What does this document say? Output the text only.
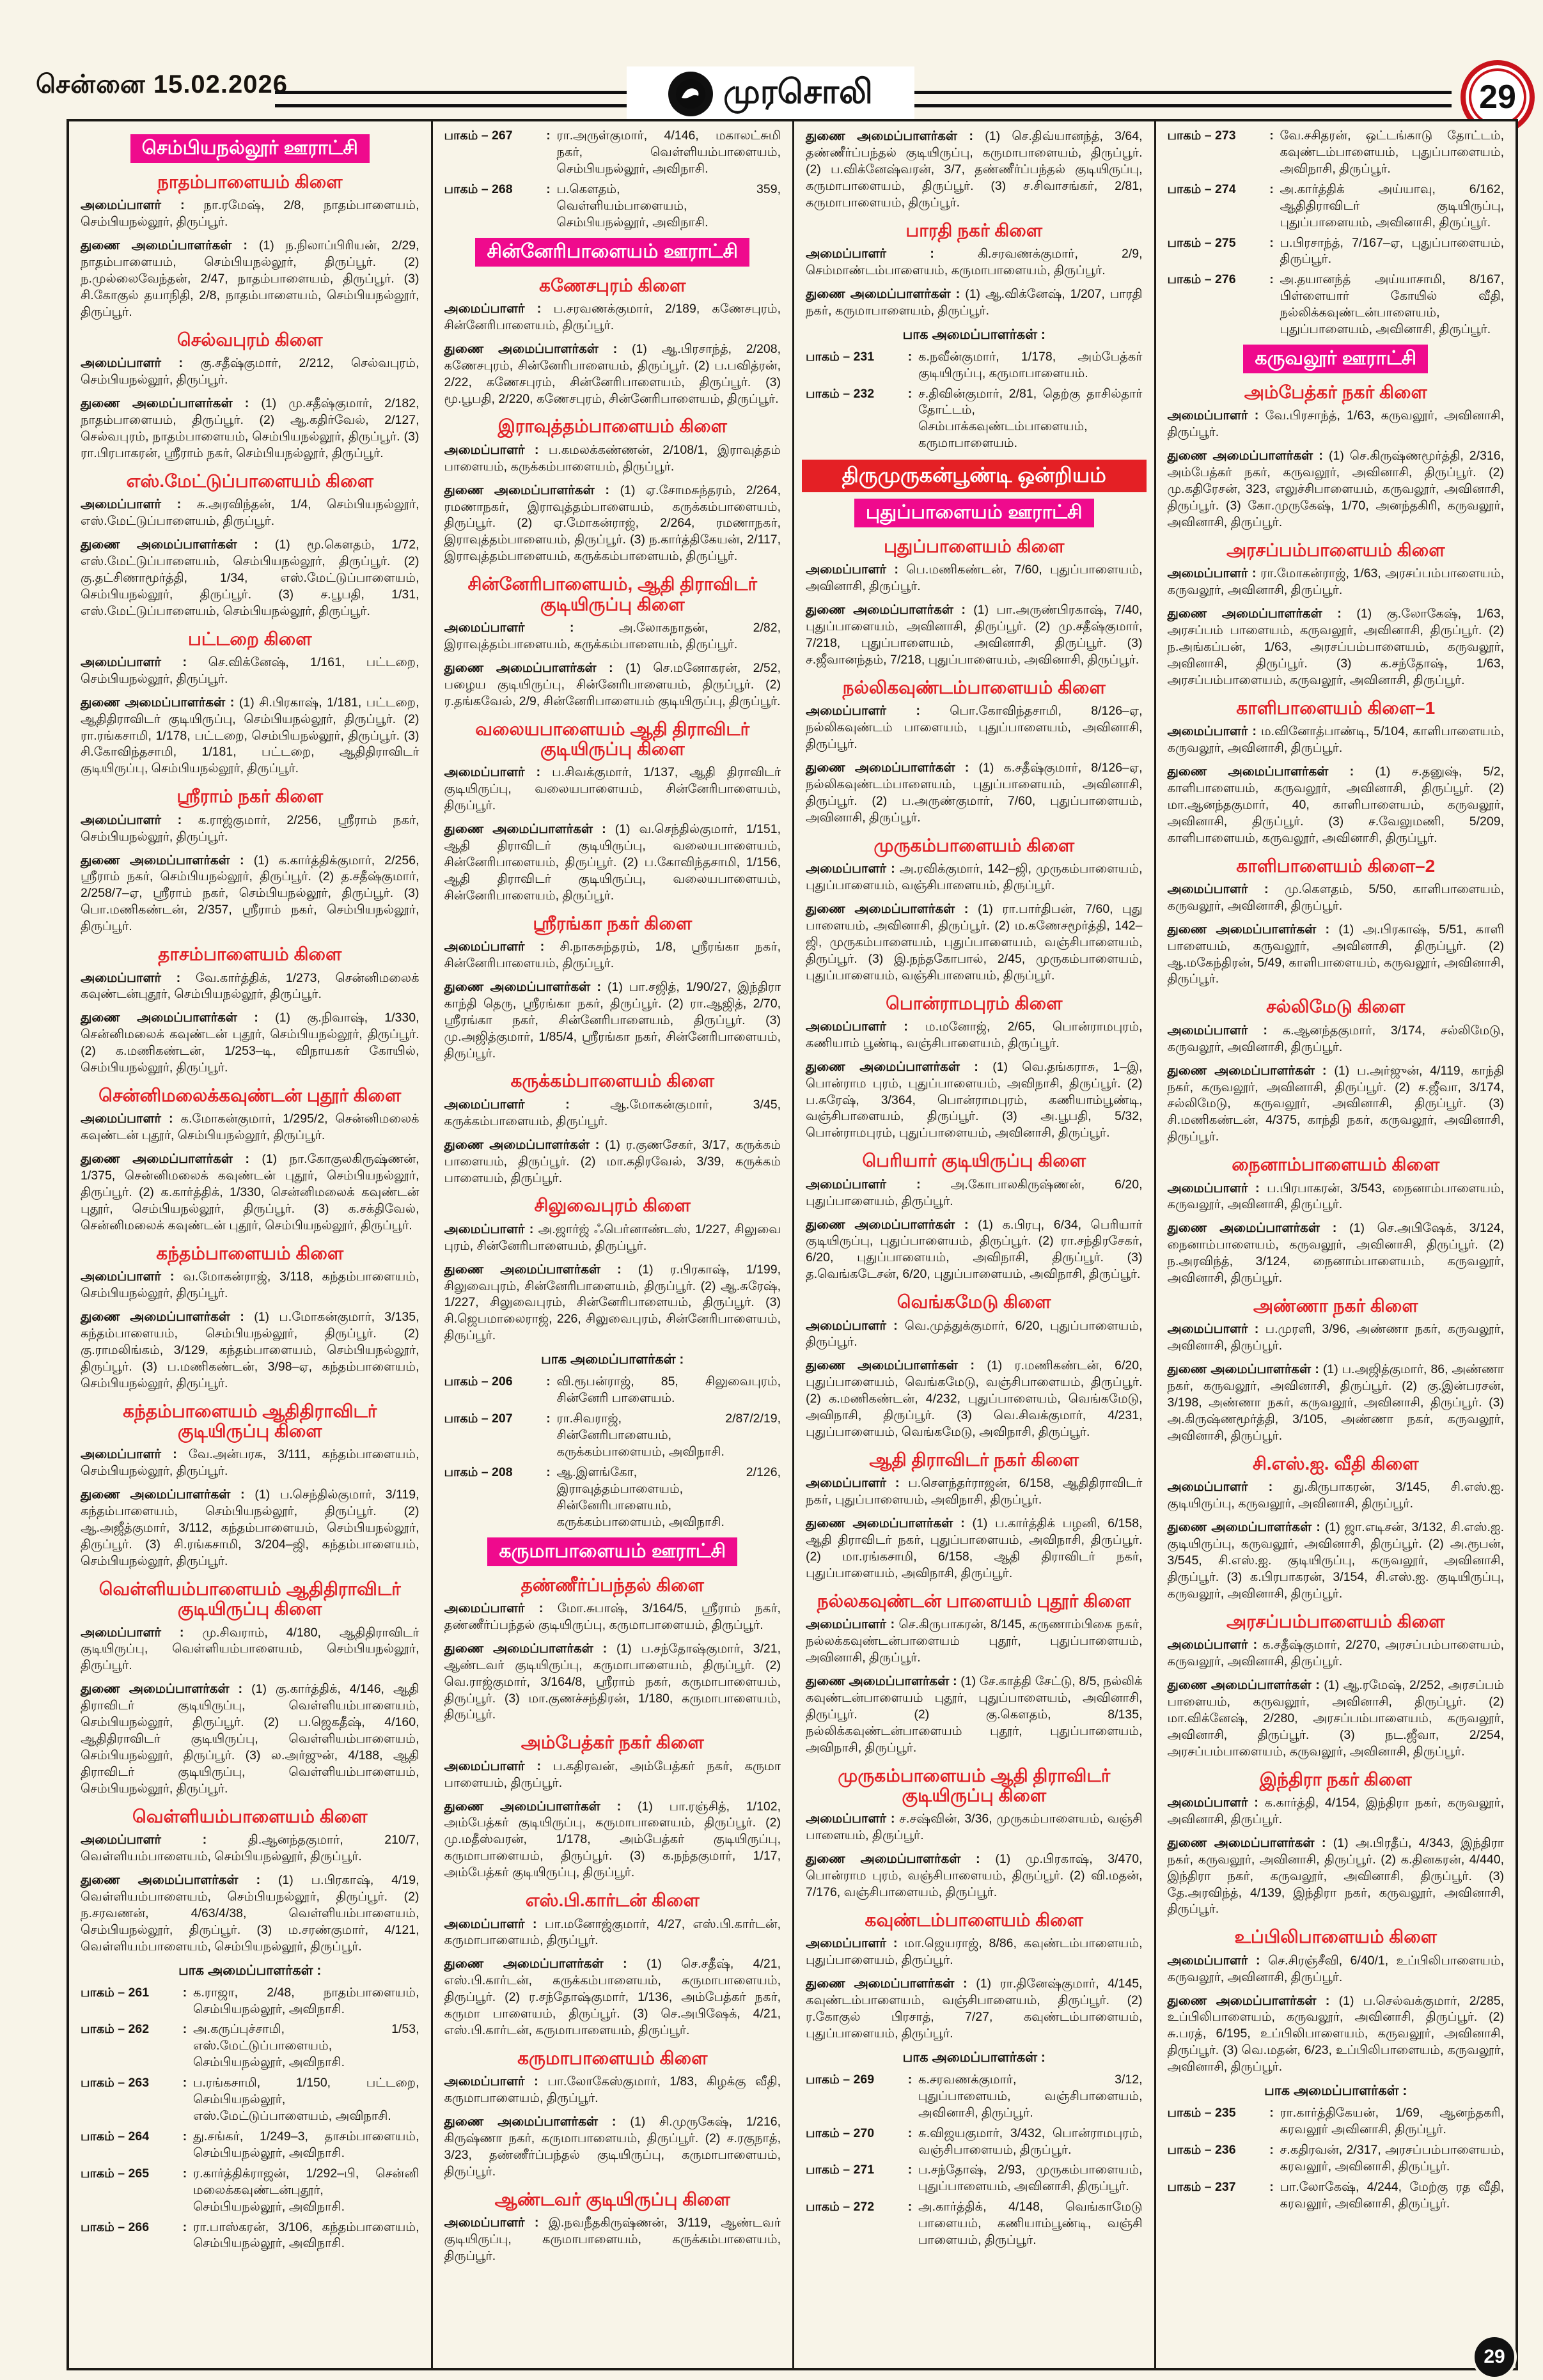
சென்னை 15.02.2026	முரசொலி	29
செம்பியநல்லூர் ஊராட்சி
நாதம்பாளையம் கிளை

அமைப்பாளர் : நா.ரமேஷ், 2/8, நாதம்பாளையம், செம்பியநல்லூர், திருப்பூர்.

துணை அமைப்பாளர்கள் : (1) ந.நிலாப்பிரியன், 2/29, நாதம்பாளையம், செம்பியநல்லூர், திருப்பூர். (2) ந.முல்லைவேந்தன், 2/47, நாதம்பாளையம், திருப்பூர். (3) சி.கோகுல் தயாநிதி, 2/8, நாதம்பாளையம், செம்பியநல்லூர், திருப்பூர்.

செல்வபுரம் கிளை

அமைப்பாளர் : கு.சதீஷ்குமார், 2/212, செல்வபுரம், செம்பியநல்லூர், திருப்பூர்.

துணை அமைப்பாளர்கள் : (1) மு.சதீஷ்குமார், 2/182, நாதம்பாளையம், திருப்பூர். (2) ஆ.கதிர்வேல், 2/127, செல்வபுரம், நாதம்பாளையம், செம்பியநல்லூர், திருப்பூர். (3) ரா.பிரபாகரன், ஸ்ரீராம் நகர், செம்பியநல்லூர், திருப்பூர்.

எஸ்.மேட்டுப்பாளையம் கிளை

அமைப்பாளர் : சு.அரவிந்தன், 1/4, செம்பியநல்லூர், எஸ்.மேட்டுப்பாளையம், திருப்பூர்.

துணை அமைப்பாளர்கள் : (1) மூ.கௌதம், 1/72, எஸ்.மேட்டுப்பாளையம், செம்பியநல்லூர், திருப்பூர். (2) கு.தட்சிணாமூர்த்தி, 1/34, எஸ்.மேட்டுப்பாளையம், செம்பியநல்லூர், திருப்பூர். (3) ச.பூபதி, 1/31, எஸ்.மேட்டுப்பாளையம், செம்பியநல்லூர், திருப்பூர்.

பட்டறை கிளை

அமைப்பாளர் : செ.விக்னேஷ், 1/161, பட்டறை, செம்பியநல்லூர், திருப்பூர்.

துணை அமைப்பாளர்கள் : (1) சி.பிரகாஷ், 1/181, பட்டறை, ஆதிதிராவிடர் குடியிருப்பு, செம்பியநல்லூர், திருப்பூர். (2) ரா.ரங்கசாமி, 1/178, பட்டறை, செம்பியநல்லூர், திருப்பூர். (3) சி.கோவிந்தசாமி, 1/181, பட்டறை, ஆதிதிராவிடர் குடியிருப்பு, செம்பியநல்லூர், திருப்பூர்.

ஸ்ரீராம் நகர் கிளை

அமைப்பாளர் : க.ராஜ்குமார், 2/256, ஸ்ரீராம் நகர், செம்பியநல்லூர், திருப்பூர்.

துணை அமைப்பாளர்கள் : (1) க.கார்த்திக்குமார், 2/256, ஸ்ரீராம் நகர், செம்பியநல்லூர், திருப்பூர். (2) த.சதீஷ்குமார், 2/258/7–ஏ, ஸ்ரீராம் நகர், செம்பியநல்லூர், திருப்பூர். (3) பொ.மணிகண்டன், 2/357, ஸ்ரீராம் நகர், செம்பியநல்லூர், திருப்பூர்.

தாசம்பாளையம் கிளை

அமைப்பாளர் : வே.கார்த்திக், 1/273, சென்னிமலைக் கவுண்டன்புதூர், செம்பியநல்லூர், திருப்பூர்.

துணை அமைப்பாளர்கள் : (1) கு.நிவாஷ், 1/330, சென்னிமலைக் கவுண்டன் புதூர், செம்பியநல்லூர், திருப்பூர். (2) க.மணிகண்டன், 1/253–டி, விநாயகர் கோயில், செம்பியநல்லூர், திருப்பூர்.

சென்னிமலைக்கவுண்டன் புதூர் கிளை

அமைப்பாளர் : க.மோகன்குமார், 1/295/2, சென்னிமலைக் கவுண்டன் புதூர், செம்பியநல்லூர், திருப்பூர்.

துணை அமைப்பாளர்கள் : (1) நா.கோகுலகிருஷ்ணன், 1/375, சென்னிமலைக் கவுண்டன் புதூர், செம்பியநல்லூர், திருப்பூர். (2) க.கார்த்திக், 1/330, சென்னிமலைக் கவுண்டன் புதூர், செம்பியநல்லூர், திருப்பூர். (3) க.சக்திவேல், சென்னிமலைக் கவுண்டன் புதூர், செம்பியநல்லூர், திருப்பூர்.

கந்தம்பாளையம் கிளை

அமைப்பாளர் : வ.மோகன்ராஜ், 3/118, கந்தம்பாளையம், செம்பியநல்லூர், திருப்பூர்.

துணை அமைப்பாளர்கள் : (1) ப.மோகன்குமார், 3/135, கந்தம்பாளையம், செம்பியநல்லூர், திருப்பூர். (2) கு.ராமலிங்கம், 3/129, கந்தம்பாளையம், செம்பியநல்லூர், திருப்பூர். (3) ப.மணிகண்டன், 3/98–ஏ, கந்தம்பாளையம், செம்பியநல்லூர், திருப்பூர்.

கந்தம்பாளையம் ஆதிதிராவிடர் குடியிருப்பு கிளை

அமைப்பாளர் : வே.அன்பரசு, 3/111, கந்தம்பாளையம், செம்பியநல்லூர், திருப்பூர்.

துணை அமைப்பாளர்கள் : (1) ப.செந்தில்குமார், 3/119, கந்தம்பாளையம், செம்பியநல்லூர், திருப்பூர். (2) ஆ.அஜீத்குமார், 3/112, கந்தம்பாளையம், செம்பியநல்லூர், திருப்பூர். (3) சி.ரங்கசாமி, 3/204–ஜி, கந்தம்பாளையம், செம்பியநல்லூர், திருப்பூர்.

வெள்ளியம்பாளையம் ஆதிதிராவிடர் குடியிருப்பு கிளை

அமைப்பாளர் : மு.சிவராம், 4/180, ஆதிதிராவிடர் குடியிருப்பு, வெள்ளியம்பாளையம், செம்பியநல்லூர், திருப்பூர்.

துணை அமைப்பாளர்கள் : (1) கு.கார்த்திக், 4/146, ஆதி திராவிடர் குடியிருப்பு, வெள்ளியம்பாளையம், செம்பியநல்லூர், திருப்பூர். (2) ப.ஜெகதீஷ், 4/160, ஆதிதிராவிடர் குடியிருப்பு, வெள்ளியம்பாளையம், செம்பியநல்லூர், திருப்பூர். (3) ல.அர்ஜுன், 4/188, ஆதி திராவிடர் குடியிருப்பு, வெள்ளியம்பாளையம், செம்பியநல்லூர், திருப்பூர்.

வெள்ளியம்பாளையம் கிளை

அமைப்பாளர் :	தி.ஆனந்தகுமார், 210/7, வெள்ளியம்பாளையம், செம்பியநல்லூர், திருப்பூர்.

துணை அமைப்பாளர்கள் : (1) ப.பிரகாஷ், 4/19, வெள்ளியம்பாளையம், செம்பியநல்லூர், திருப்பூர். (2) ந.சரவணன், 4/63/4/38, வெள்ளியம்பாளையம், செம்பியநல்லூர், திருப்பூர். (3) ம.சரண்குமார், 4/121, வெள்ளியம்பாளையம், செம்பியநல்லூர், திருப்பூர்.

பாக அமைப்பாளர்கள் :

பாகம் – 261	: க.ராஜா, 2/48, நாதம்பாளையம், செம்பியநல்லூர், அவிநாசி.
பாகம் – 262	: அ.கருப்புச்சாமி, 1/53, எஸ்.மேட்டுப்பாளையம், செம்பியநல்லூர், அவிநாசி.
பாகம் – 263	: ப.ரங்கசாமி, 1/150, பட்டறை, செம்பியநல்லூர், எஸ்.மேட்டுப்பாளையம், அவிநாசி.
பாகம் – 264	: து.சங்கர், 1/249–3, தாசம்பாளையம், செம்பியநல்லூர், அவிநாசி.
பாகம் – 265	: ர.கார்த்திக்ராஜன், 1/292–பி, சென்னி மலைக்கவுண்டன்புதூர், செம்பியநல்லூர், அவிநாசி.
பாகம் – 266	: ரா.பாஸ்கரன், 3/106, கந்தம்பாளையம், செம்பியநல்லூர், அவிநாசி.
பாகம் – 267	: ரா.அருள்குமார், 4/146, மகாலட்சுமி நகர், வெள்ளியம்பாளையம், செம்பியநல்லூர், அவிநாசி.
பாகம் – 268	: ப.கௌதம், 359, வெள்ளியம்பாளையம், செம்பியநல்லூர், அவிநாசி.
சின்னேரிபாளையம் ஊராட்சி
கணேசபுரம் கிளை

அமைப்பாளர் : ப.சரவணக்குமார், 2/189, கணேசபுரம், சின்னேரிபாளையம், திருப்பூர்.

துணை அமைப்பாளர்கள் : (1) ஆ.பிரசாந்த், 2/208, கணேசபுரம், சின்னேரிபாளையம், திருப்பூர். (2) ப.பவித்ரன், 2/22, கணேசபுரம், சின்னேரிபாளையம், திருப்பூர். (3) மூ.பூபதி, 2/220, கணேசபுரம், சின்னேரிபாளையம், திருப்பூர்.

இராவுத்தம்பாளையம் கிளை

அமைப்பாளர் : ப.கமலக்கண்ணன், 2/108/1, இராவுத்தம் பாளையம், கருக்கம்பாளையம், திருப்பூர்.

துணை அமைப்பாளர்கள் : (1) ஏ.சோமசுந்தரம், 2/264, ரமணாநகர், இராவுத்தம்பாளையம், கருக்கம்பாளையம், திருப்பூர். (2) ஏ.மோகன்ராஜ், 2/264, ரமணாநகர், இராவுத்தம்பாளையம், திருப்பூர். (3) ந.கார்த்திகேயன், 2/117, இராவுத்தம்பாளையம், கருக்கம்பாளையம், திருப்பூர்.

சின்னேரிபாளையம், ஆதி திராவிடர் குடியிருப்பு கிளை

அமைப்பாளர் :	அ.லோகநாதன், 2/82, இராவுத்தம்பாளையம், கருக்கம்பாளையம், திருப்பூர்.

துணை அமைப்பாளர்கள் : (1) செ.மனோகரன், 2/52, பழைய குடியிருப்பு, சின்னேரிபாளையம், திருப்பூர். (2) ர.தங்கவேல், 2/9, சின்னேரிபாளையம் குடியிருப்பு, திருப்பூர்.

வலையபாளையம் ஆதி திராவிடர் குடியிருப்பு கிளை

அமைப்பாளர் : ப.சிவக்குமார், 1/137, ஆதி திராவிடர் குடியிருப்பு, வலையபாளையம், சின்னேரிபாளையம், திருப்பூர்.

துணை அமைப்பாளர்கள் : (1) வ.செந்தில்குமார், 1/151, ஆதி திராவிடர் குடியிருப்பு, வலையபாளையம், சின்னேரிபாளையம், திருப்பூர். (2) ப.கோவிந்தசாமி, 1/156, ஆதி திராவிடர் குடியிருப்பு, வலையபாளையம், சின்னேரிபாளையம், திருப்பூர்.

ஸ்ரீரங்கா நகர் கிளை

அமைப்பாளர் : சி.நாகசுந்தரம், 1/8, ஸ்ரீரங்கா நகர், சின்னேரிபாளையம், திருப்பூர்.

துணை அமைப்பாளர்கள் : (1) பா.சஜித், 1/90/27, இந்திரா காந்தி தெரு, ஸ்ரீரங்கா நகர், திருப்பூர். (2) ரா.ஆஜித், 2/70, ஸ்ரீரங்கா நகர், சின்னேரிபாளையம், திருப்பூர். (3) மு.அஜித்குமார், 1/85/4, ஸ்ரீரங்கா நகர், சின்னேரிபாளையம், திருப்பூர்.

கருக்கம்பாளையம் கிளை

அமைப்பாளர் :	ஆ.மோகன்குமார், 3/45, கருக்கம்பாளையம், திருப்பூர்.

துணை அமைப்பாளர்கள் : (1) ர.குணசேகர், 3/17, கருக்கம் பாளையம், திருப்பூர். (2) மா.கதிரவேல், 3/39, கருக்கம் பாளையம், திருப்பூர்.

சிலுவைபுரம் கிளை

அமைப்பாளர் : அ.ஜார்ஜ் ஃபெர்னாண்டஸ், 1/227, சிலுவை புரம், சின்னேரிபாளையம், திருப்பூர்.

துணை அமைப்பாளர்கள் : (1) ர.பிரகாஷ், 1/199, சிலுவைபுரம், சின்னேரிபாளையம், திருப்பூர். (2) ஆ.சுரேஷ், 1/227, சிலுவைபுரம், சின்னேரிபாளையம், திருப்பூர். (3) சி.ஜெபமாலைராஜ், 226, சிலுவைபுரம், சின்னேரிபாளையம், திருப்பூர்.

பாக அமைப்பாளர்கள் :

பாகம் – 206	: வி.ரூபன்ராஜ், 85, சிலுவைபுரம், சின்னேரி பாளையம்.
பாகம் – 207	: ரா.சிவராஜ், 2/87/2/19, சின்னேரிபாளையம், கருக்கம்பாளையம், அவிநாசி.
பாகம் – 208	: ஆ.இளங்கோ, 2/126, இராவுத்தம்பாளையம், சின்னேரிபாளையம், கருக்கம்பாளையம், அவிநாசி.
கருமாபாளையம் ஊராட்சி
தண்ணீர்ப்பந்தல் கிளை

அமைப்பாளர் : மோ.சுபாஷ், 3/164/5, ஸ்ரீராம் நகர், தண்ணீர்ப்பந்தல் குடியிருப்பு, கருமாபாளையம், திருப்பூர்.

துணை அமைப்பாளர்கள் : (1) ப.சந்தோஷ்குமார், 3/21, ஆண்டவர் குடியிருப்பு, கருமாபாளையம், திருப்பூர். (2) வெ.ராஜ்குமார், 3/164/8, ஸ்ரீராம் நகர், கருமாபாளையம், திருப்பூர். (3) மா.குணச்சந்திரன், 1/180, கருமாபாளையம், திருப்பூர்.

அம்பேத்கர் நகர் கிளை

அமைப்பாளர் : ப.கதிரவன், அம்பேத்கர் நகர், கருமா பாளையம், திருப்பூர்.

துணை அமைப்பாளர்கள் : (1) பா.ரஞ்சித், 1/102, அம்பேத்கர் குடியிருப்பு, கருமாபாளையம், திருப்பூர். (2) மு.மதீஸ்வரன், 1/178, அம்பேத்கர் குடியிருப்பு, கருமாபாளையம், திருப்பூர். (3) க.நந்தகுமார், 1/17, அம்பேத்கர் குடியிருப்பு, திருப்பூர்.

எஸ்.பி.கார்டன் கிளை

அமைப்பாளர் : பா.மனோஜ்குமார், 4/27, எஸ்.பி.கார்டன், கருமாபாளையம், திருப்பூர்.

துணை அமைப்பாளர்கள் : (1) செ.சதீஷ், 4/21, எஸ்.பி.கார்டன், கருக்கம்பாளையம், கருமாபாளையம், திருப்பூர். (2) ர.சந்தோஷ்குமார், 1/136, அம்பேத்கர் நகர், கருமா பாளையம், திருப்பூர். (3) செ.அபிஷேக், 4/21, எஸ்.பி.கார்டன், கருமாபாளையம், திருப்பூர்.

கருமாபாளையம் கிளை

அமைப்பாளர் : பா.லோகேஸ்குமார், 1/83, கிழக்கு வீதி, கருமாபாளையம், திருப்பூர்.

துணை அமைப்பாளர்கள் : (1) சி.முருகேஷ், 1/216, கிருஷ்ணா நகர், கருமாபாளையம், திருப்பூர். (2) ச.ரகுநாத், 3/23, தண்ணீர்ப்பந்தல் குடியிருப்பு, கருமாபாளையம், திருப்பூர்.

ஆண்டவர் குடியிருப்பு கிளை

அமைப்பாளர் : இ.நவநீதகிருஷ்ணன், 3/119, ஆண்டவர் குடியிருப்பு, கருமாபாளையம், கருக்கம்பாளையம், திருப்பூர்.

துணை அமைப்பாளர்கள் : (1) செ.திவ்யானந்த், 3/64, தண்ணீர்ப்பந்தல் குடியிருப்பு, கருமாபாளையம், திருப்பூர். (2) ப.விக்னேஷ்வரன், 3/7, தண்ணீர்ப்பந்தல் குடியிருப்பு, கருமாபாளையம், திருப்பூர். (3) ச.சிவாசங்கர், 2/81, கருமாபாளையம், திருப்பூர்.

பாரதி நகர் கிளை

அமைப்பாளர் :	கி.சரவணக்குமார், 2/9, செம்மாண்டம்பாளையம், கருமாபாளையம், திருப்பூர்.

துணை அமைப்பாளர்கள் : (1) ஆ.விக்னேஷ், 1/207, பாரதி நகர், கருமாபாளையம், திருப்பூர்.

பாக அமைப்பாளர்கள் :

பாகம் – 231	: க.நவீன்குமார், 1/178, அம்பேத்கர் குடியிருப்பு, கருமாபாளையம்.
பாகம் – 232	: ச.திவின்குமார், 2/81, தெற்கு தாசில்தார் தோட்டம், செம்பாக்கவுண்டம்பாளையம், கருமாபாளையம்.
திருமுருகன்பூண்டி ஒன்றியம்
புதுப்பாளையம் ஊராட்சி
புதுப்பாளையம் கிளை

அமைப்பாளர் : பெ.மணிகண்டன், 7/60, புதுப்பாளையம், அவினாசி, திருப்பூர்.

துணை அமைப்பாளர்கள் : (1) பா.அருண்பிரகாஷ், 7/40, புதுப்பாளையம், அவினாசி, திருப்பூர். (2) மு.சதீஷ்குமார், 7/218, புதுப்பாளையம், அவினாசி, திருப்பூர். (3) ச.ஜீவானந்தம், 7/218, புதுப்பாளையம், அவினாசி, திருப்பூர்.

நல்லிகவுண்டம்பாளையம் கிளை

அமைப்பாளர் : பொ.கோவிந்தசாமி, 8/126–ஏ, நல்லிகவுண்டம் பாளையம், புதுப்பாளையம், அவினாசி, திருப்பூர்.

துணை அமைப்பாளர்கள் : (1) க.சதீஷ்குமார், 8/126–ஏ, நல்லிகவுண்டம்பாளையம், புதுப்பாளையம், அவினாசி, திருப்பூர். (2) ப.அருண்குமார், 7/60, புதுப்பாளையம், அவினாசி, திருப்பூர்.

முருகம்பாளையம் கிளை

அமைப்பாளர் : அ.ரவிக்குமார், 142–ஜி, முருகம்பாளையம், புதுப்பாளையம், வஞ்சிபாளையம், திருப்பூர்.

துணை அமைப்பாளர்கள் : (1) ரா.பார்திபன், 7/60, புது பாளையம், அவினாசி, திருப்பூர். (2) ம.கணேசமூர்த்தி, 142–ஜி, முருகம்பாளையம், புதுப்பாளையம், வஞ்சிபாளையம், திருப்பூர். (3) இ.நந்தகோபால், 2/45, முருகம்பாளையம், புதுப்பாளையம், வஞ்சிபாளையம், திருப்பூர்.

பொன்ராமபுரம் கிளை

அமைப்பாளர் : ம.மனோஜ், 2/65, பொன்ராமபுரம், கணியாம் பூண்டி, வஞ்சிபாளையம், திருப்பூர்.

துணை அமைப்பாளர்கள் : (1) வெ.தங்கராசு, 1–இ, பொன்ராம புரம், புதுப்பாளையம், அவிநாசி, திருப்பூர். (2) ப.சுரேஷ், 3/364, பொன்ராமபுரம், கணியாம்பூண்டி, வஞ்சிபாளையம், திருப்பூர். (3) அ.பூபதி, 5/32, பொன்ராமபுரம், புதுப்பாளையம், அவினாசி, திருப்பூர்.

பெரியார் குடியிருப்பு கிளை

அமைப்பாளர் : அ.கோபாலகிருஷ்ணன், 6/20, புதுப்பாளையம், திருப்பூர்.

துணை அமைப்பாளர்கள் : (1) க.பிரபு, 6/34, பெரியார் குடியிருப்பு, புதுப்பாளையம், திருப்பூர். (2) ரா.சந்திரசேகர், 6/20, புதுப்பாளையம், அவிநாசி, திருப்பூர். (3) த.வெங்கடேசன், 6/20, புதுப்பாளையம், அவிநாசி, திருப்பூர்.

வெங்கமேடு கிளை

அமைப்பாளர் : வெ.முத்துக்குமார், 6/20, புதுப்பாளையம், திருப்பூர்.

துணை அமைப்பாளர்கள் : (1) ர.மணிகண்டன், 6/20, புதுப்பாளையம், வெங்கமேடு, வஞ்சிபாளையம், திருப்பூர். (2) க.மணிகண்டன், 4/232, புதுப்பாளையம், வெங்கமேடு, அவிநாசி, திருப்பூர். (3) வெ.சிவக்குமார், 4/231, புதுப்பாளையம், வெங்கமேடு, அவிநாசி, திருப்பூர்.

ஆதி திராவிடர் நகர் கிளை

அமைப்பாளர் : ப.சௌந்தர்ராஜன், 6/158, ஆதிதிராவிடர் நகர், புதுப்பாளையம், அவிநாசி, திருப்பூர்.

துணை அமைப்பாளர்கள் : (1) ப.கார்த்திக் பழனி, 6/158, ஆதி திராவிடர் நகர், புதுப்பாளையம், அவிநாசி, திருப்பூர். (2) மா.ரங்கசாமி, 6/158, ஆதி திராவிடர் நகர், புதுப்பாளையம், அவிநாசி, திருப்பூர்.

நல்லகவுண்டன் பாளையம் புதூர் கிளை

அமைப்பாளர் : செ.கிருபாகரன், 8/145, கருணாம்பிகை நகர், நல்லக்கவுண்டன்பாளையம் புதூர், புதுப்பாளையம், அவினாசி, திருப்பூர்.

துணை அமைப்பாளர்கள் : (1) சே.காத்தி சேட்டு, 8/5, நல்லிக் கவுண்டன்பாளையம் புதூர், புதுப்பாளையம், அவினாசி, திருப்பூர். (2) கு.கௌதம், 8/135, நல்லிக்கவுண்டன்பாளையம் புதூர், புதுப்பாளையம், அவிநாசி, திருப்பூர்.

முருகம்பாளையம் ஆதி திராவிடர் குடியிருப்பு கிளை

அமைப்பாளர் : ச.சஷ்வின், 3/36, முருகம்பாளையம், வஞ்சி பாளையம், திருப்பூர்.

துணை அமைப்பாளர்கள் : (1) மு.பிரகாஷ், 3/470, பொன்ராம புரம், வஞ்சிபாளையம், திருப்பூர். (2) வி.மதன், 7/176, வஞ்சிபாளையம், திருப்பூர்.

கவுண்டம்பாளையம் கிளை

அமைப்பாளர் : மா.ஜெயராஜ், 8/86, கவுண்டம்பாளையம், புதுப்பாளையம், திருப்பூர்.

துணை அமைப்பாளர்கள் : (1) ரா.தினேஷ்குமார், 4/145, கவுண்டம்பாளையம், வஞ்சிபாளையம், திருப்பூர். (2) ர.கோகுல் பிரசாத், 7/27, கவுண்டம்பாளையம், புதுப்பாளையம், திருப்பூர்.

பாக அமைப்பாளர்கள் :

பாகம் – 269	: க.சரவணக்குமார், 3/12, புதுப்பாளையம், வஞ்சிபாளையம், அவினாசி, திருப்பூர்.
பாகம் – 270	: சு.விஜயகுமார், 3/432, பொன்ராமபுரம், வஞ்சிபாளையம், திருப்பூர்.
பாகம் – 271	: ப.சந்தோஷ், 2/93, முருகம்பாளையம், புதுப்பாளையம், அவினாசி, திருப்பூர்.
பாகம் – 272	: அ.கார்த்திக், 4/148, வெங்காமேடு பாளையம், கணியாம்பூண்டி, வஞ்சி பாளையம், திருப்பூர்.
பாகம் – 273	: வே.சசிதரன், ஒட்டங்காடு தோட்டம், கவுண்டம்பாளையம், புதுப்பாளையம், அவிநாசி, திருப்பூர்.
பாகம் – 274	: அ.கார்த்திக் அய்யாவு, 6/162, ஆதிதிராவிடர் குடியிருப்பு, புதுப்பாளையம், அவினாசி, திருப்பூர்.
பாகம் – 275	: ப.பிரசாந்த், 7/167–ஏ, புதுப்பாளையம், திருப்பூர்.
பாகம் – 276	: அ.தயானந்த் அய்யாசாமி, 8/167, பிள்ளையார் கோயில் வீதி, நல்லிக்கவுண்டன்பாளையம், புதுப்பாளையம், அவினாசி, திருப்பூர்.
கருவலூர் ஊராட்சி
அம்பேத்கர் நகர் கிளை

அமைப்பாளர் : வே.பிரசாந்த், 1/63, கருவலூர், அவினாசி, திருப்பூர்.

துணை அமைப்பாளர்கள் : (1) செ.கிருஷ்ணமூர்த்தி, 2/316, அம்பேத்கர் நகர், கருவலூர், அவினாசி, திருப்பூர். (2) மு.கதிரேசன், 323, எலுச்சிபாளையம், கருவலூர், அவினாசி, திருப்பூர். (3) கோ.முருகேஷ், 1/70, அனந்தகிரி, கருவலூர், அவினாசி, திருப்பூர்.

அரசப்பம்பாளையம் கிளை

அமைப்பாளர் : ரா.மோகன்ராஜ், 1/63, அரசப்பம்பாளையம், கருவலூர், அவினாசி, திருப்பூர்.

துணை அமைப்பாளர்கள் : (1) கு.லோகேஷ், 1/63, அரசப்பம் பாளையம், கருவலூர், அவினாசி, திருப்பூர். (2) ந.அங்கப்பன், 1/63, அரசப்பம்பாளையம், கருவலூர், அவினாசி, திருப்பூர். (3) க.சந்தோஷ், 1/63, அரசப்பம்பாளையம், கருவலூர், அவினாசி, திருப்பூர்.

காளிபாளையம் கிளை–1

அமைப்பாளர் : ம.வினோத்பாண்டி, 5/104, காளிபாளையம், கருவலூர், அவினாசி, திருப்பூர்.

துணை அமைப்பாளர்கள் : (1) ச.தனுஷ், 5/2, காளிபாளையம், கருவலூர், அவினாசி, திருப்பூர். (2) மா.ஆனந்தகுமார், 40, காளிபாளையம், கருவலூர், அவினாசி, திருப்பூர். (3) ச.வேலுமணி, 5/209, காளிபாளையம், கருவலூர், அவினாசி, திருப்பூர்.

காளிபாளையம் கிளை–2

அமைப்பாளர் : மு.கௌதம், 5/50, காளிபாளையம், கருவலூர், அவினாசி, திருப்பூர்.

துணை அமைப்பாளர்கள் : (1) அ.பிரகாஷ், 5/51, காளி பாளையம், கருவலூர், அவினாசி, திருப்பூர். (2) ஆ.மகேந்திரன், 5/49, காளிபாளையம், கருவலூர், அவினாசி, திருப்பூர்.

சல்லிமேடு கிளை

அமைப்பாளர் : க.ஆனந்தகுமார், 3/174, சல்லிமேடு, கருவலூர், அவினாசி, திருப்பூர்.

துணை அமைப்பாளர்கள் : (1) ப.அர்ஜுன், 4/119, காந்தி நகர், கருவலூர், அவினாசி, திருப்பூர். (2) ச.ஜீவா, 3/174, சல்லிமேடு, கருவலூர், அவினாசி, திருப்பூர். (3) சி.மணிகண்டன், 4/375, காந்தி நகர், கருவலூர், அவினாசி, திருப்பூர்.

நைனாம்பாளையம் கிளை

அமைப்பாளர் : ப.பிரபாகரன், 3/543, நைனாம்பாளையம், கருவலூர், அவினாசி, திருப்பூர்.

துணை அமைப்பாளர்கள் : (1) செ.அபிஷேக், 3/124, நைனாம்பாளையம், கருவலூர், அவினாசி, திருப்பூர். (2) ந.அரவிந்த், 3/124, நைனாம்பாளையம், கருவலூர், அவினாசி, திருப்பூர்.

அண்ணா நகர் கிளை

அமைப்பாளர் : ப.முரளி, 3/96, அண்ணா நகர், கருவலூர், அவினாசி, திருப்பூர்.

துணை அமைப்பாளர்கள் : (1) ப.அஜித்குமார், 86, அண்ணா நகர், கருவலூர், அவினாசி, திருப்பூர். (2) கு.இன்பரசன், 3/198, அண்ணா நகர், கருவலூர், அவினாசி, திருப்பூர். (3) அ.கிருஷ்ணமூர்த்தி, 3/105, அண்ணா நகர், கருவலூர், அவினாசி, திருப்பூர்.

சி.எஸ்.ஐ. வீதி கிளை

அமைப்பாளர் : து.கிருபாகரன், 3/145, சி.எஸ்.ஐ. குடியிருப்பு, கருவலூர், அவினாசி, திருப்பூர்.

துணை அமைப்பாளர்கள் : (1) ஜா.எடிசன், 3/132, சி.எஸ்.ஐ. குடியிருப்பு, கருவலூர், அவினாசி, திருப்பூர். (2) அ.ரூபன், 3/545, சி.எஸ்.ஐ. குடியிருப்பு, கருவலூர், அவினாசி, திருப்பூர். (3) க.பிரபாகரன், 3/154, சி.எஸ்.ஐ. குடியிருப்பு, கருவலூர், அவினாசி, திருப்பூர்.

அரசப்பம்பாளையம் கிளை

அமைப்பாளர் : க.சதீஷ்குமார், 2/270, அரசப்பம்பாளையம், கருவலூர், அவினாசி, திருப்பூர்.

துணை அமைப்பாளர்கள் : (1) ஆ.ரமேஷ், 2/252, அரசப்பம் பாளையம், கருவலூர், அவினாசி, திருப்பூர். (2) மா.விக்னேஷ், 2/280, அரசப்பம்பாளையம், கருவலூர், அவினாசி, திருப்பூர். (3) நட.ஜீவா, 2/254, அரசப்பம்பாளையம், கருவலூர், அவினாசி, திருப்பூர்.

இந்திரா நகர் கிளை

அமைப்பாளர் : க.கார்த்தி, 4/154, இந்திரா நகர், கருவலூர், அவினாசி, திருப்பூர்.

துணை அமைப்பாளர்கள் : (1) அ.பிரதீப், 4/343, இந்திரா நகர், கருவலூர், அவினாசி, திருப்பூர். (2) க.தினகரன், 4/440, இந்திரா நகர், கருவலூர், அவினாசி, திருப்பூர். (3) தே.அரவிந்த், 4/139, இந்திரா நகர், கருவலூர், அவினாசி, திருப்பூர்.

உப்பிலிபாளையம் கிளை

அமைப்பாளர் : செ.சிரஞ்சீவி, 6/40/1, உப்பிலிபாளையம், கருவலூர், அவினாசி, திருப்பூர்.

துணை அமைப்பாளர்கள் : (1) ப.செல்வக்குமார், 2/285, உப்பிலிபாளையம், கருவலூர், அவினாசி, திருப்பூர். (2) சு.பரத், 6/195, உப்பிலிபாளையம், கருவலூர், அவினாசி, திருப்பூர். (3) வெ.மதன், 6/23, உப்பிலிபாளையம், கருவலூர், அவினாசி, திருப்பூர்.

பாக அமைப்பாளர்கள் :

பாகம் – 235	: ரா.கார்த்திகேயன், 1/69, ஆனந்தகரி, கரவலூர் அவினாசி, திருப்பூர்.
பாகம் – 236	: ச.கதிரவன், 2/317, அரசப்பம்பாளையம், கரவலூர், அவினாசி, திருப்பூர்.
பாகம் – 237	: பா.லோகேஷ், 4/244, மேற்கு ரத வீதி, கரவலூர், அவினாசி, திருப்பூர்.
29
